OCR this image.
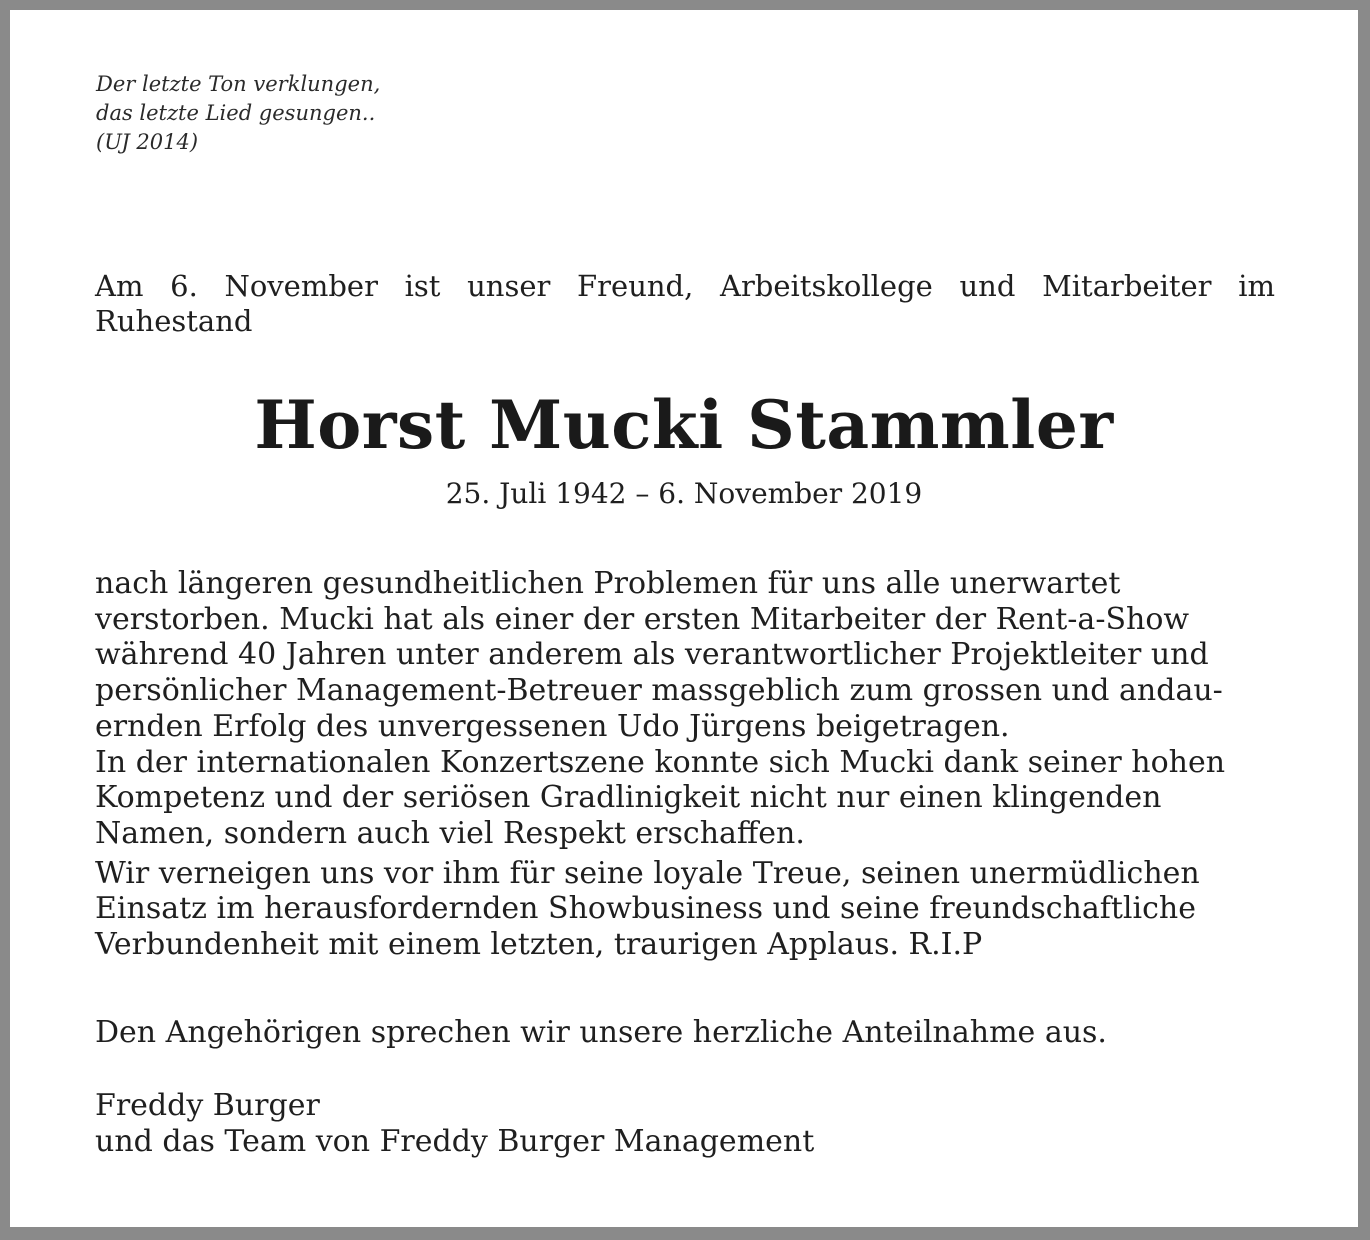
Der letzte Ton verklungen,
das letzte Lied gesungen..
(UJ 2014)
Am 6. November ist unser Freund, Arbeitskollege und Mitarbeiter im Ruhestand
Horst Mucki Stammler
25. Juli 1942 – 6. November 2019
nach längeren gesundheitlichen Problemen für uns alle unerwartet
verstorben. Mucki hat als einer der ersten Mitarbeiter der Rent-a-Show
während 40 Jahren unter anderem als verantwortlicher Projektleiter und
persönlicher Management-Betreuer massgeblich zum grossen und andau-
ernden Erfolg des unvergessenen Udo Jürgens beigetragen.
In der internationalen Konzertszene konnte sich Mucki dank seiner hohen
Kompetenz und der seriösen Gradlinigkeit nicht nur einen klingenden
Namen, sondern auch viel Respekt erschaffen.
Wir verneigen uns vor ihm für seine loyale Treue, seinen unermüdlichen
Einsatz im herausfordernden Showbusiness und seine freundschaftliche
Verbundenheit mit einem letzten, traurigen Applaus. R.I.P
Den Angehörigen sprechen wir unsere herzliche Anteilnahme aus.
Freddy Burger
und das Team von Freddy Burger Management
